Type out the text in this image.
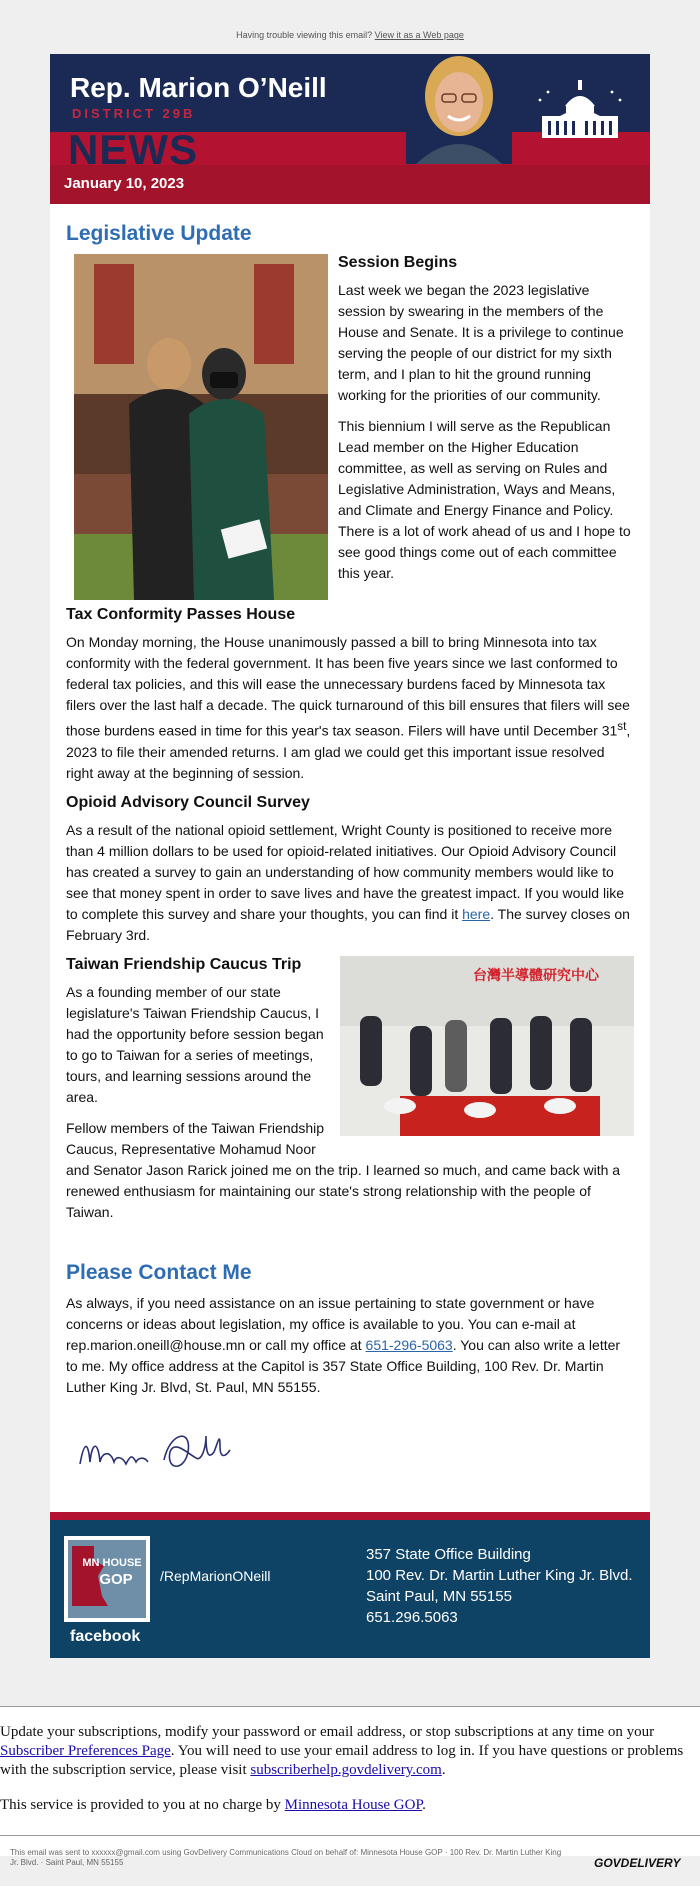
Having trouble viewing this email? View it as a Web page
Rep. Marion O’Neill
DISTRICT 29B
NEWS
January 10, 2023
Legislative Update
Session Begins

Last week we began the 2023 legislative session by swearing in the members of the House and Senate. It is a privilege to continue serving the people of our district for my sixth term, and I plan to hit the ground running working for the priorities of our community.

This biennium I will serve as the Republican Lead member on the Higher Education committee, as well as serving on Rules and Legislative Administration, Ways and Means, and Climate and Energy Finance and Policy. There is a lot of work ahead of us and I hope to see good things come out of each committee this year.

Tax Conformity Passes House

On Monday morning, the House unanimously passed a bill to bring Minnesota into tax conformity with the federal government. It has been five years since we last conformed to federal tax policies, and this will ease the unnecessary burdens faced by Minnesota tax filers over the last half a decade. The quick turnaround of this bill ensures that filers will see those burdens eased in time for this year's tax season. Filers will have until December 31st, 2023 to file their amended returns. I am glad we could get this important issue resolved right away at the beginning of session.

Opioid Advisory Council Survey

As a result of the national opioid settlement, Wright County is positioned to receive more than 4 million dollars to be used for opioid-related initiatives. Our Opioid Advisory Council has created a survey to gain an understanding of how community members would like to see that money spent in order to save lives and have the greatest impact. If you would like to complete this survey and share your thoughts, you can find it here. The survey closes on February 3rd.

台灣半導體研究中心
Taiwan Friendship Caucus Trip

As a founding member of our state legislature's Taiwan Friendship Caucus, I had the opportunity before session began to go to Taiwan for a series of meetings, tours, and learning sessions around the area.

Fellow members of the Taiwan Friendship Caucus, Representative Mohamud Noor and Senator Jason Rarick joined me on the trip. I learned so much, and came back with a renewed enthusiasm for maintaining our state's strong relationship with the people of Taiwan.

Please Contact Me

As always, if you need assistance on an issue pertaining to state government or have concerns or ideas about legislation, my office is available to you. You can e-mail at rep.marion.oneill@house.mn or call my office at 651-296-5063. You can also write a letter to me. My office address at the Capitol is 357 State Office Building, 100 Rev. Dr. Martin Luther King Jr. Blvd, St. Paul, MN 55155.

MN HOUSE
GOP
facebook
/RepMarionONeill
357 State Office Building
100 Rev. Dr. Martin Luther King Jr. Blvd.
Saint Paul, MN 55155
651.296.5063

Update your subscriptions, modify your password or email address, or stop subscriptions at any time on your Subscriber Preferences Page. You will need to use your email address to log in. If you have questions or problems with the subscription service, please visit subscriberhelp.govdelivery.com.

This service is provided to you at no charge by Minnesota House GOP.

This email was sent to xxxxxx@gmail.com using GovDelivery Communications Cloud on behalf of: Minnesota House GOP · 100 Rev. Dr. Martin Luther King Jr. Blvd. · Saint Paul, MN 55155	GOVDELIVERY
